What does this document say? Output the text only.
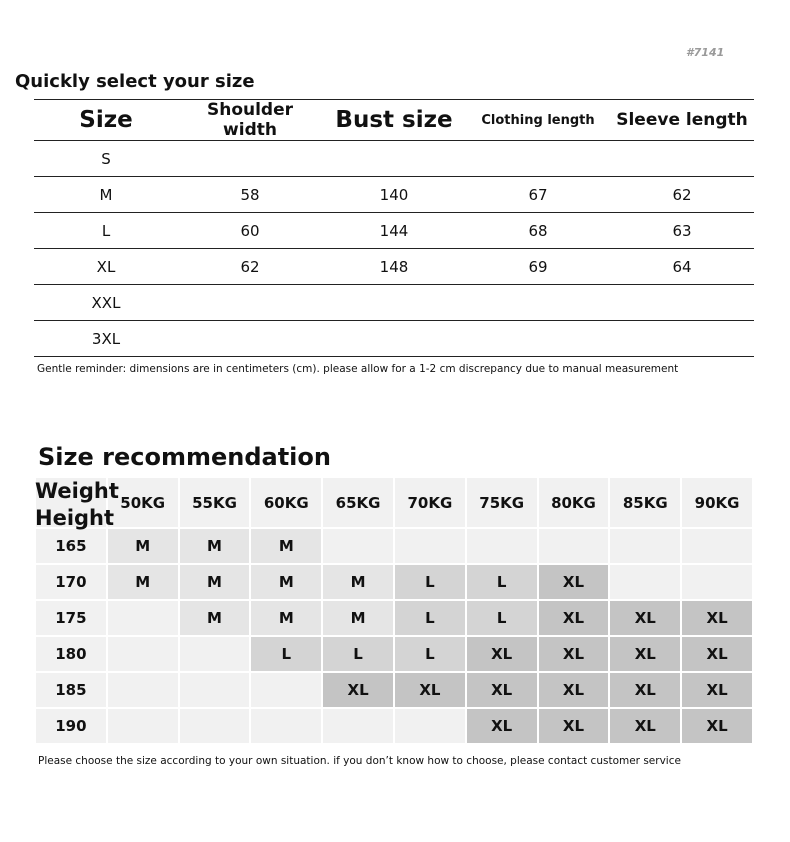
#7141
Quickly select your size
Size	Shoulder width	Bust size	Clothing length	Sleeve length
S				
M	58	140	67	62
L	60	144	68	63
XL	62	148	69	64
XXL				
3XL				
Gentle reminder: dimensions are in centimeters (cm). please allow for a 1-2 cm discrepancy due to manual measurement
Size recommendation
	50KG	55KG	60KG	65KG	70KG	75KG	80KG	85KG	90KG
165	M	M	M						
170	M	M	M	M	L	L	XL		
175		M	M	M	L	L	XL	XL	XL
180			L	L	L	XL	XL	XL	XL
185				XL	XL	XL	XL	XL	XL
190						XL	XL	XL	XL
Weight
Height
Please choose the size according to your own situation. if you don’t know how to choose, please contact customer service
